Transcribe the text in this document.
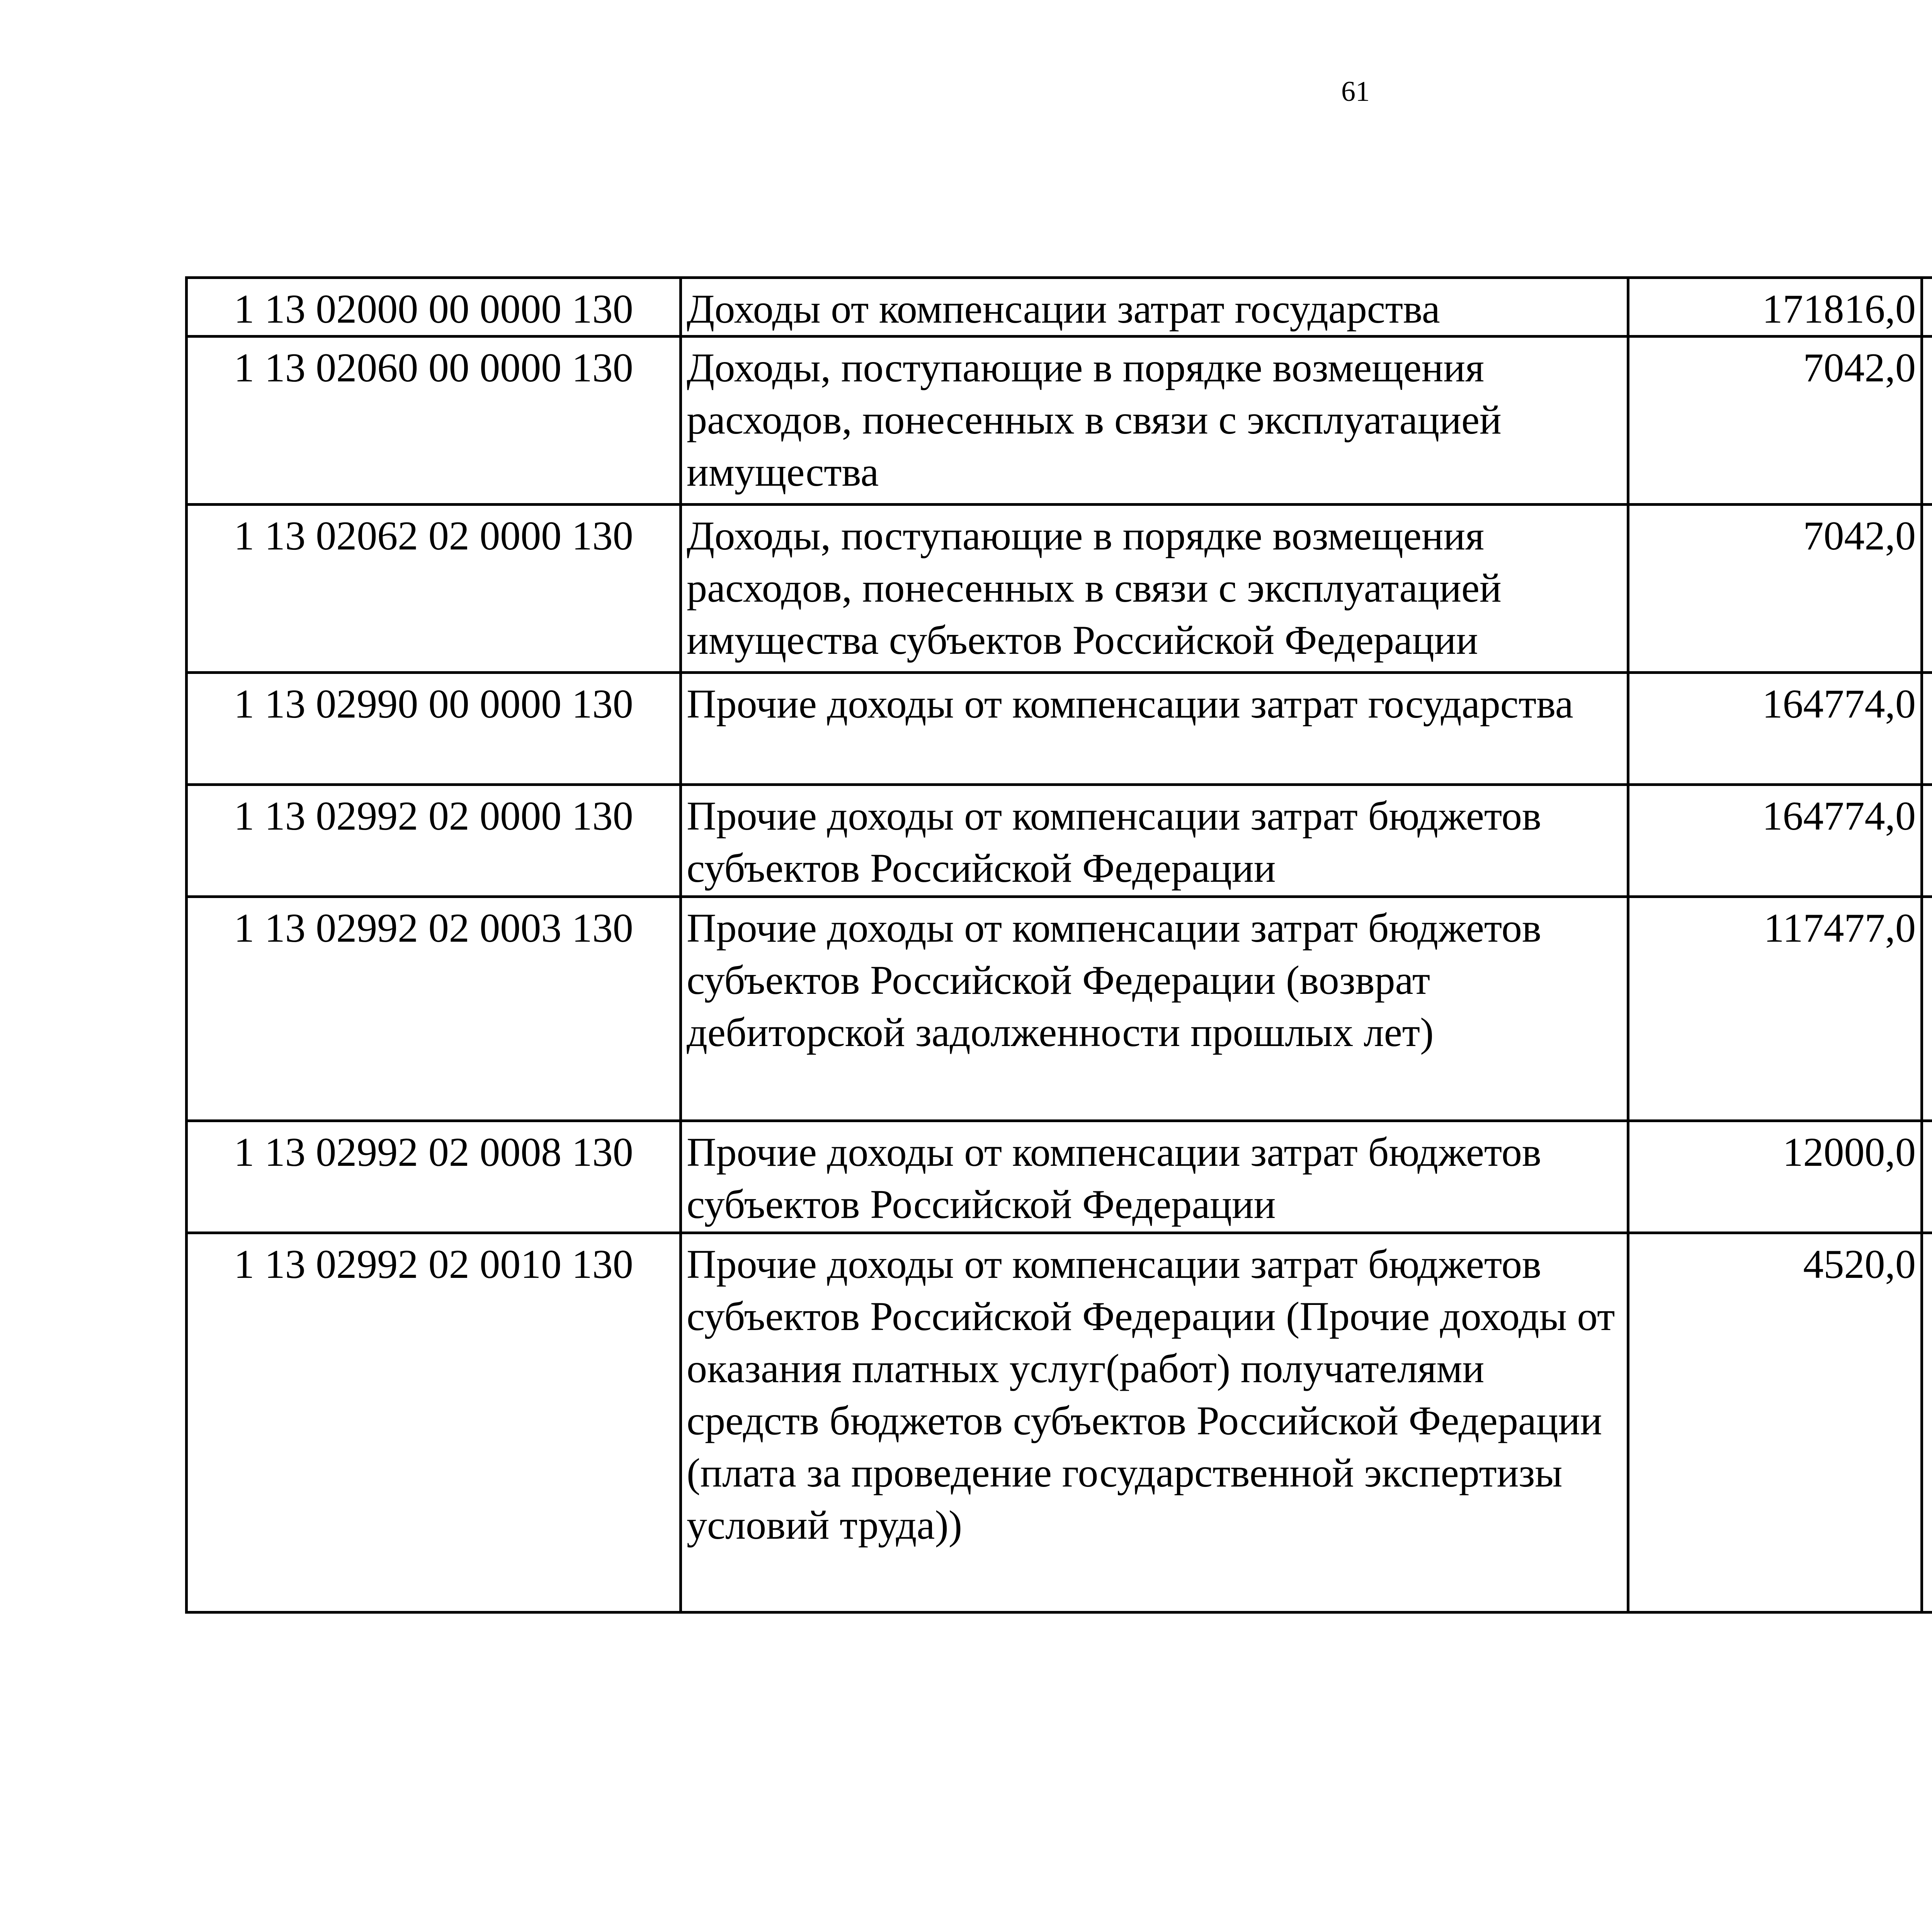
61
1 13 02000 00 0000 130	Доходы от компенсации затрат государства	171816,0		
1 13 02060 00 0000 130	Доходы, поступающие в порядке возмещения расходов, понесенных в связи с эксплуатацией имущества	7042,0		
1 13 02062 02 0000 130	Доходы, поступающие в порядке возмещения расходов, понесенных в связи с эксплуатацией имущества субъектов Российской Федерации	7042,0		
1 13 02990 00 0000 130	Прочие доходы от компенсации затрат государства	164774,0		
1 13 02992 02 0000 130	Прочие доходы от компенсации затрат бюджетов субъектов Российской Федерации	164774,0		
1 13 02992 02 0003 130	Прочие доходы от компенсации затрат бюджетов субъектов Российской Федерации (возврат дебиторской задолженности прошлых лет)	117477,0		
1 13 02992 02 0008 130	Прочие доходы от компенсации затрат бюджетов субъектов Российской Федерации	12000,0		
1 13 02992 02 0010 130	Прочие доходы от компенсации затрат бюджетов субъектов Российской Федерации (Прочие доходы от оказания платных услуг(работ) получателями средств бюджетов субъектов Российской Федерации (плата за проведение государственной экспертизы условий труда))	4520,0		
